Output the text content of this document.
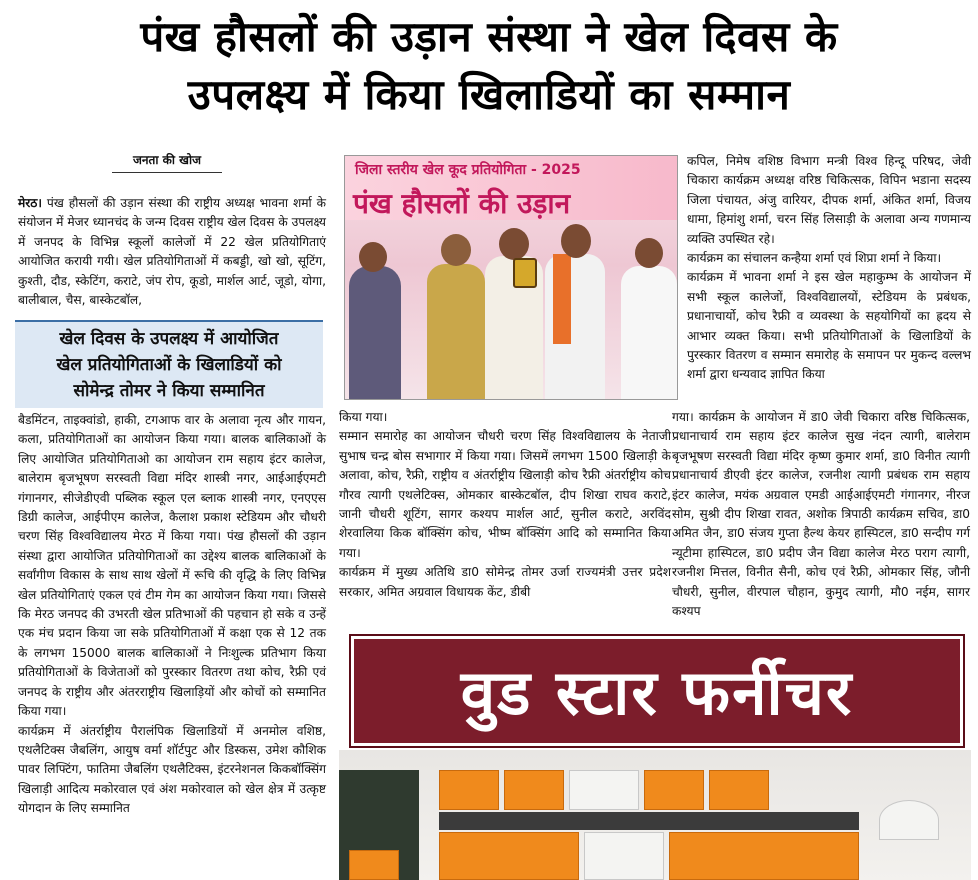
पंख हौसलों की उड़ान संस्था ने खेल दिवस के
उपलक्ष्य में किया खिलाडियों का सम्मान
जनता की खोज
मेरठ। पंख हौसलों की उड़ान संस्था की राष्ट्रीय अध्यक्ष भावना शर्मा के संयोजन में मेजर ध्यानचंद के जन्म दिवस राष्ट्रीय खेल दिवस के उपलक्ष्य में जनपद के विभिन्न स्कूलों कालेजों में 22 खेल प्रतियोगिताएं आयोजित करायी गयी। खेल प्रतियोगिताओं में कबड्डी, खो खो, सूटिंग, कुश्ती, दौड, स्केटिंग, कराटे, जंप रोप, कूडो, मार्शल आर्ट, जूडो, योगा, बालीबाल, चैस, बास्केटबॉल,
खेल दिवस के उपलक्ष्य में आयोजित
खेल प्रतियोगिताओं के खिलाडियों को
सोमेन्द्र तोमर ने किया सम्मानित

बैडमिंटन, ताइक्वांडो, हाकी, टगआफ वार के अलावा नृत्य और गायन, कला, प्रतियोगिताओं का आयोजन किया गया। बालक बालिकाओं के लिए आयोजित प्रतियोगिताओ का आयोजन राम सहाय इंटर कालेज, बालेराम बृजभूषण सरस्वती विद्या मंदिर शास्त्री नगर, आईआईएमटी गंगानगर, सीजेडीएवी पब्लिक स्कूल एल ब्लाक शास्त्री नगर, एनएएस डिग्री कालेज, आईपीएम कालेज, कैलाश प्रकाश स्टेडियम और चौधरी चरण सिंह विश्वविद्यालय मेरठ में किया गया। पंख हौसलों की उड़ान संस्था द्वारा आयोजित प्रतियोगिताओं का उद्देश्य बालक बालिकाओं के सर्वांगीण विकास के साथ साथ खेलों में रूचि की वृद्धि के लिए विभिन्न खेल प्रतियोगिताएं एकल एवं टीम गेम का आयोजन किया गया। जिससे कि मेरठ जनपद की उभरती खेल प्रतिभाओं की पहचान हो सके व उन्हें एक मंच प्रदान किया जा सके प्रतियोगिताओं में कक्षा एक से 12 तक के लगभग 15000 बालक बालिकाओं ने निःशुल्क प्रतिभाग किया प्रतियोगिताओं के विजेताओं को पुरस्कार वितरण तथा कोच, रैफ्री एवं जनपद के राष्ट्रीय और अंतरराष्ट्रीय खिलाड़ियों और कोचों को सम्मानित किया गया।

कार्यक्रम में अंतर्राष्ट्रीय पैरालंपिक खिलाडियों में अनमोल वशिष्ठ, एथलैटिक्स जैबलिंग, आयुष वर्मा शॉर्टपुट और डिस्कस, उमेश कौशिक पावर लिफ्टिंग, फातिमा जैबलिंग एथलैटिक्स, इंटरनेशनल किकबॉक्सिंग खिलाड़ी आदित्य मकोरवाल एवं अंश मकोरवाल को खेल क्षेत्र में उत्कृष्ट योगदान के लिए सम्मानित

जिला स्तरीय खेल कूद प्रतियोगिता - 2025
पंख हौसलों की उड़ान

किया गया।

सम्मान समारोह का आयोजन चौधरी चरण सिंह विश्वविद्यालय के नेताजी सुभाष चन्द्र बोस सभागार में किया गया। जिसमें लगभग 1500 खिलाड़ी के अलावा, कोच, रैफ्री, राष्ट्रीय व अंतर्राष्ट्रीय खिलाड़ी कोच रैफ्री अंतर्राष्ट्रीय कोच गौरव त्यागी एथलेटिक्स, ओमकार बास्केटबॉल, दीप शिखा राघव कराटे, जानी चौधरी शूटिंग, सागर कश्यप मार्शल आर्ट, सुनील कराटे, अरविंद शेरवालिया किक बॉक्सिंग कोच, भीष्म बॉक्सिंग आदि को सम्मानित किया गया।

कार्यक्रम में मुख्य अतिथि डा0 सोमेन्द्र तोमर उर्जा राज्यमंत्री उत्तर प्रदेश सरकार, अमित अग्रवाल विधायक केंट, डीबी

कपिल, निमेष वशिष्ठ विभाग मन्त्री विश्व हिन्दू परिषद, जेवी चिकारा कार्यक्रम अध्यक्ष वरिष्ठ चिकित्सक, विपिन भडाना सदस्य जिला पंचायत, अंजु वारियर, दीपक शर्मा, अंकित शर्मा, विजय धामा, हिमांशु शर्मा, चरन सिंह लिसाड़ी के अलावा अन्य गणमान्य व्यक्ति उपस्थित रहे।

कार्यक्रम का संचालन कन्हैया शर्मा एवं शिप्रा शर्मा ने किया।

कार्यक्रम में भावना शर्मा ने इस खेल महाकुम्भ के आयोजन में सभी स्कूल कालेजों, विश्वविद्यालयों, स्टेडियम के प्रबंधक, प्रधानाचार्यो, कोच रैफ्री व व्यवस्था के सहयोगियों का ह्रदय से आभार व्यक्त किया। सभी प्रतियोगिताओं के खिलाडियों के पुरस्कार वितरण व सम्मान समारोह के समापन पर मुकन्द वल्लभ शर्मा द्वारा धन्यवाद ज्ञापित किया

गया। कार्यक्रम के आयोजन में डा0 जेवी चिकारा वरिष्ठ चिकित्सक, प्रधानाचार्य राम सहाय इंटर कालेज सुख नंदन त्यागी, बालेराम बृजभूषण सरस्वती विद्या मंदिर कृष्ण कुमार शर्मा, डा0 विनीत त्यागी प्रधानाचार्य डीएवी इंटर कालेज, रजनीश त्यागी प्रबंधक राम सहाय इंटर कालेज, मयंक अग्रवाल एमडी आईआईएमटी गंगानगर, नीरज सोम, सुश्री दीप शिखा रावत, अशोक त्रिपाठी कार्यक्रम सचिव, डा0 अमित जैन, डा0 संजय गुप्ता हैल्थ केयर हास्पिटल, डा0 सन्दीप गर्ग न्यूटीमा हास्पिटल, डा0 प्रदीप जैन विद्या कालेज मेरठ पराग त्यागी, रजनीश मित्तल, विनीत सैनी, कोच एवं रैफ्री, ओमकार सिंह, जौनी चौधरी, सुनील, वीरपाल चौहान, कुमुद त्यागी, मौ0 नईम, सागर कश्यप

वुड स्टार फर्नीचर
